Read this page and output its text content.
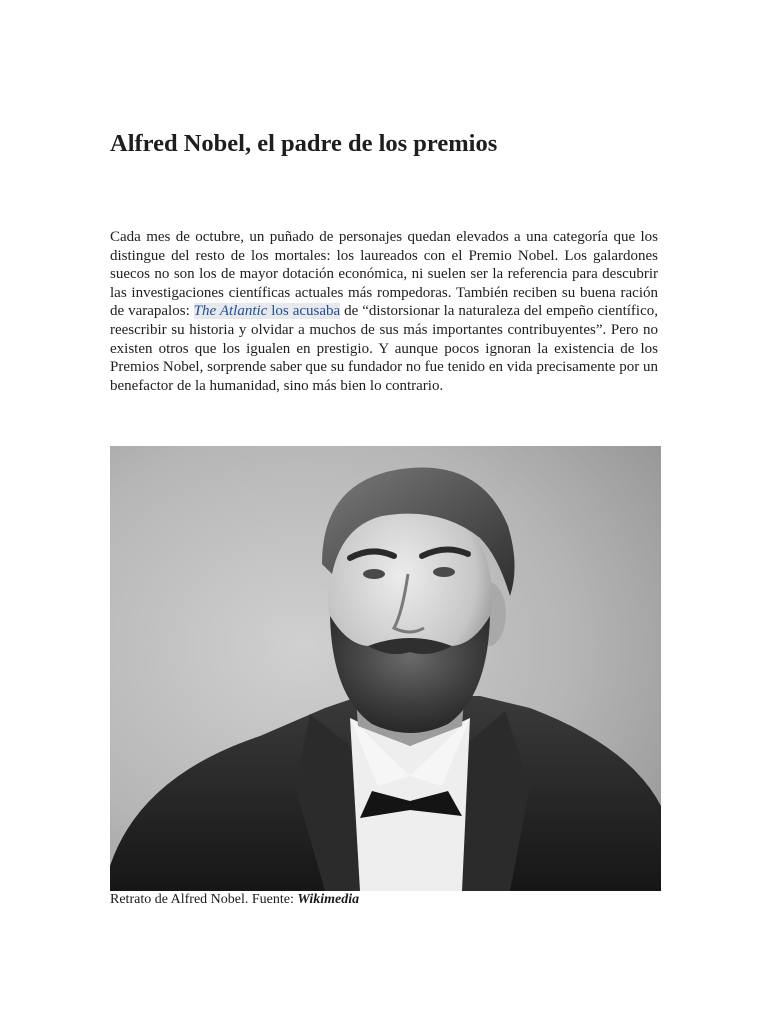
Alfred Nobel, el padre de los premios

Cada mes de octubre, un puñado de personajes quedan elevados a una categoría que los distingue del resto de los mortales: los laureados con el Premio Nobel. Los galardones suecos no son los de mayor dotación económica, ni suelen ser la referencia para descubrir las investigaciones científicas actuales más rompedoras. También reciben su buena ración de varapalos: The Atlantic los acusaba de “distorsionar la naturaleza del empeño científico, reescribir su historia y olvidar a muchos de sus más importantes contribuyentes”. Pero no existen otros que los igualen en prestigio. Y aunque pocos ignoran la existencia de los Premios Nobel, sorprende saber que su fundador no fue tenido en vida precisamente por un benefactor de la humanidad, sino más bien lo contrario.

Retrato de Alfred Nobel. Fuente: Wikimedia
